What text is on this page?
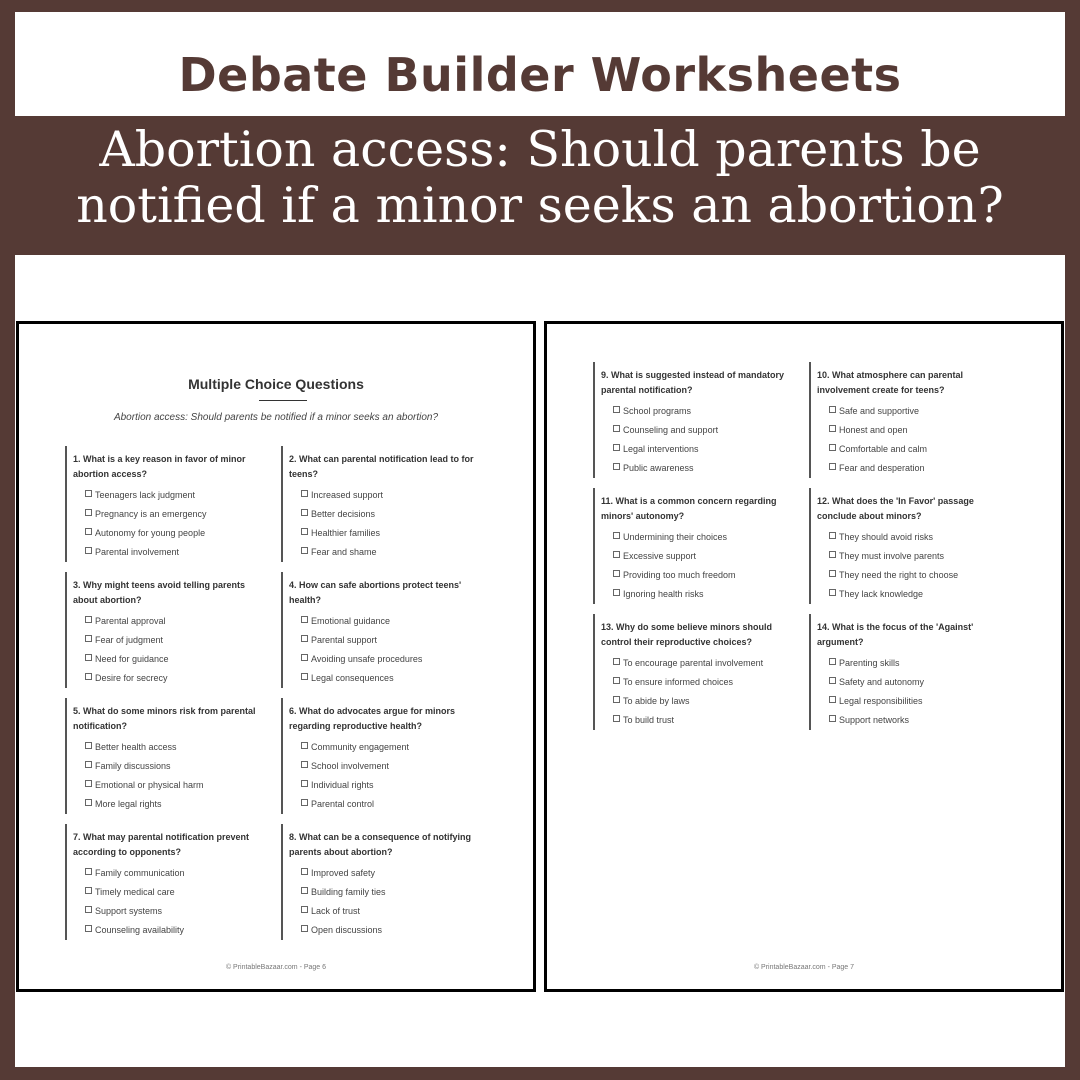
Debate Builder Worksheets
Abortion access: Should parents be notified if a minor seeks an abortion?
Multiple Choice Questions
Abortion access: Should parents be notified if a minor seeks an abortion?
1. What is a key reason in favor of minor abortion access?
Teenagers lack judgment
Pregnancy is an emergency
Autonomy for young people
Parental involvement
2. What can parental notification lead to for teens?
Increased support
Better decisions
Healthier families
Fear and shame
3. Why might teens avoid telling parents about abortion?
Parental approval
Fear of judgment
Need for guidance
Desire for secrecy
4. How can safe abortions protect teens' health?
Emotional guidance
Parental support
Avoiding unsafe procedures
Legal consequences
5. What do some minors risk from parental notification?
Better health access
Family discussions
Emotional or physical harm
More legal rights
6. What do advocates argue for minors regarding reproductive health?
Community engagement
School involvement
Individual rights
Parental control
7. What may parental notification prevent according to opponents?
Family communication
Timely medical care
Support systems
Counseling availability
8. What can be a consequence of notifying parents about abortion?
Improved safety
Building family ties
Lack of trust
Open discussions
© PrintableBazaar.com - Page 6
9. What is suggested instead of mandatory parental notification?
School programs
Counseling and support
Legal interventions
Public awareness
10. What atmosphere can parental involvement create for teens?
Safe and supportive
Honest and open
Comfortable and calm
Fear and desperation
11. What is a common concern regarding minors' autonomy?
Undermining their choices
Excessive support
Providing too much freedom
Ignoring health risks
12. What does the 'In Favor' passage conclude about minors?
They should avoid risks
They must involve parents
They need the right to choose
They lack knowledge
13. Why do some believe minors should control their reproductive choices?
To encourage parental involvement
To ensure informed choices
To abide by laws
To build trust
14. What is the focus of the 'Against' argument?
Parenting skills
Safety and autonomy
Legal responsibilities
Support networks
© PrintableBazaar.com - Page 7
